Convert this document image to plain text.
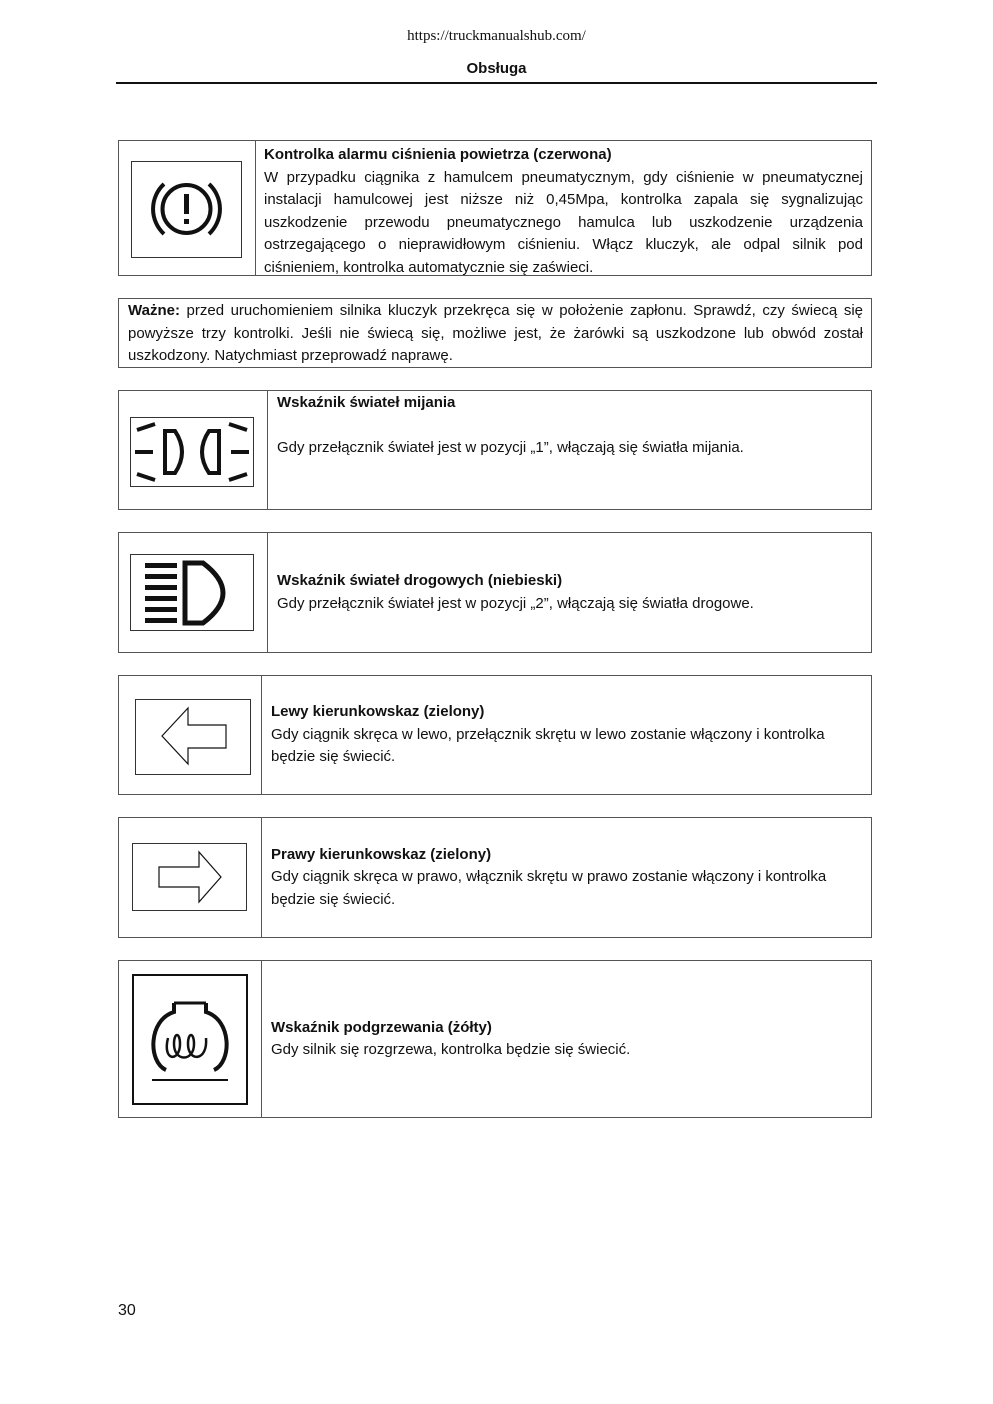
https://truckmanualshub.com/
Obsługa
Kontrolka alarmu ciśnienia powietrza (czerwona)
W przypadku ciągnika z hamulcem pneumatycznym, gdy ciśnienie w pneumatycznej instalacji hamulcowej jest niższe niż 0,45Mpa, kontrolka zapala się sygnalizując uszkodzenie przewodu pneumatycznego hamulca lub uszkodzenie urządzenia ostrzegającego o nieprawidłowym ciśnieniu. Włącz kluczyk, ale odpal silnik pod ciśnieniem, kontrolka automatycznie się zaświeci.
Ważne: przed uruchomieniem silnika kluczyk przekręca się w położenie zapłonu. Sprawdź, czy świecą się powyższe trzy kontrolki. Jeśli nie świecą się, możliwe jest, że żarówki są uszkodzone lub obwód został uszkodzony. Natychmiast przeprowadź naprawę.
Wskaźnik świateł mijania
Gdy przełącznik świateł jest w pozycji „1”, włączają się światła mijania.
Wskaźnik świateł drogowych (niebieski)
Gdy przełącznik świateł jest w pozycji „2”, włączają się światła drogowe.
Lewy kierunkowskaz (zielony)
Gdy ciągnik skręca w lewo, przełącznik skrętu w lewo zostanie włączony i kontrolka będzie się świecić.
Prawy kierunkowskaz (zielony)
Gdy ciągnik skręca w prawo, włącznik skrętu w prawo zostanie włączony i kontrolka będzie się świecić.
Wskaźnik podgrzewania (żółty)
Gdy silnik się rozgrzewa, kontrolka będzie się świecić.
30
